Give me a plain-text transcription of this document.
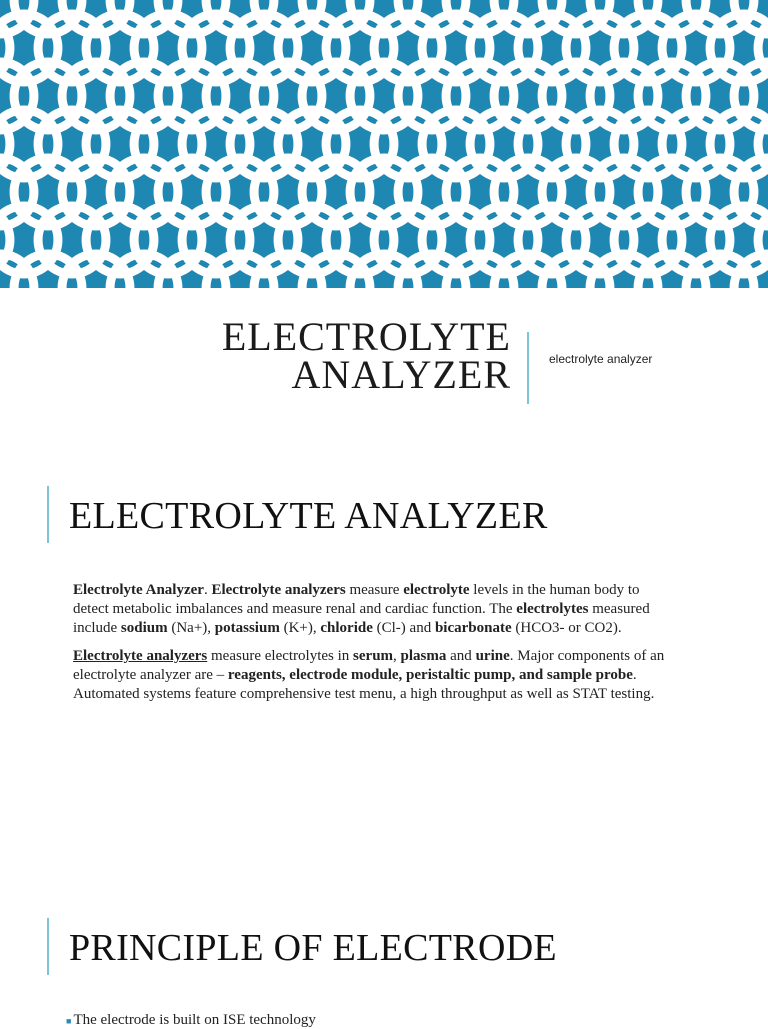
ELECTROLYTE
ANALYZER	electrolyte analyzer
ELECTROLYTE ANALYZER

Electrolyte Analyzer. Electrolyte analyzers measure electrolyte levels in the human body to detect metabolic imbalances and measure renal and cardiac function. The electrolytes measured include sodium (Na+), potassium (K+), chloride (Cl-) and bicarbonate (HCO3- or CO2).

Electrolyte analyzers measure electrolytes in serum, plasma and urine. Major components of an electrolyte analyzer are – reagents, electrode module, peristaltic pump, and sample probe. Automated systems feature comprehensive test menu, a high throughput as well as STAT testing.

PRINCIPLE OF ELECTRODE
■ The electrode is built on ISE technology
